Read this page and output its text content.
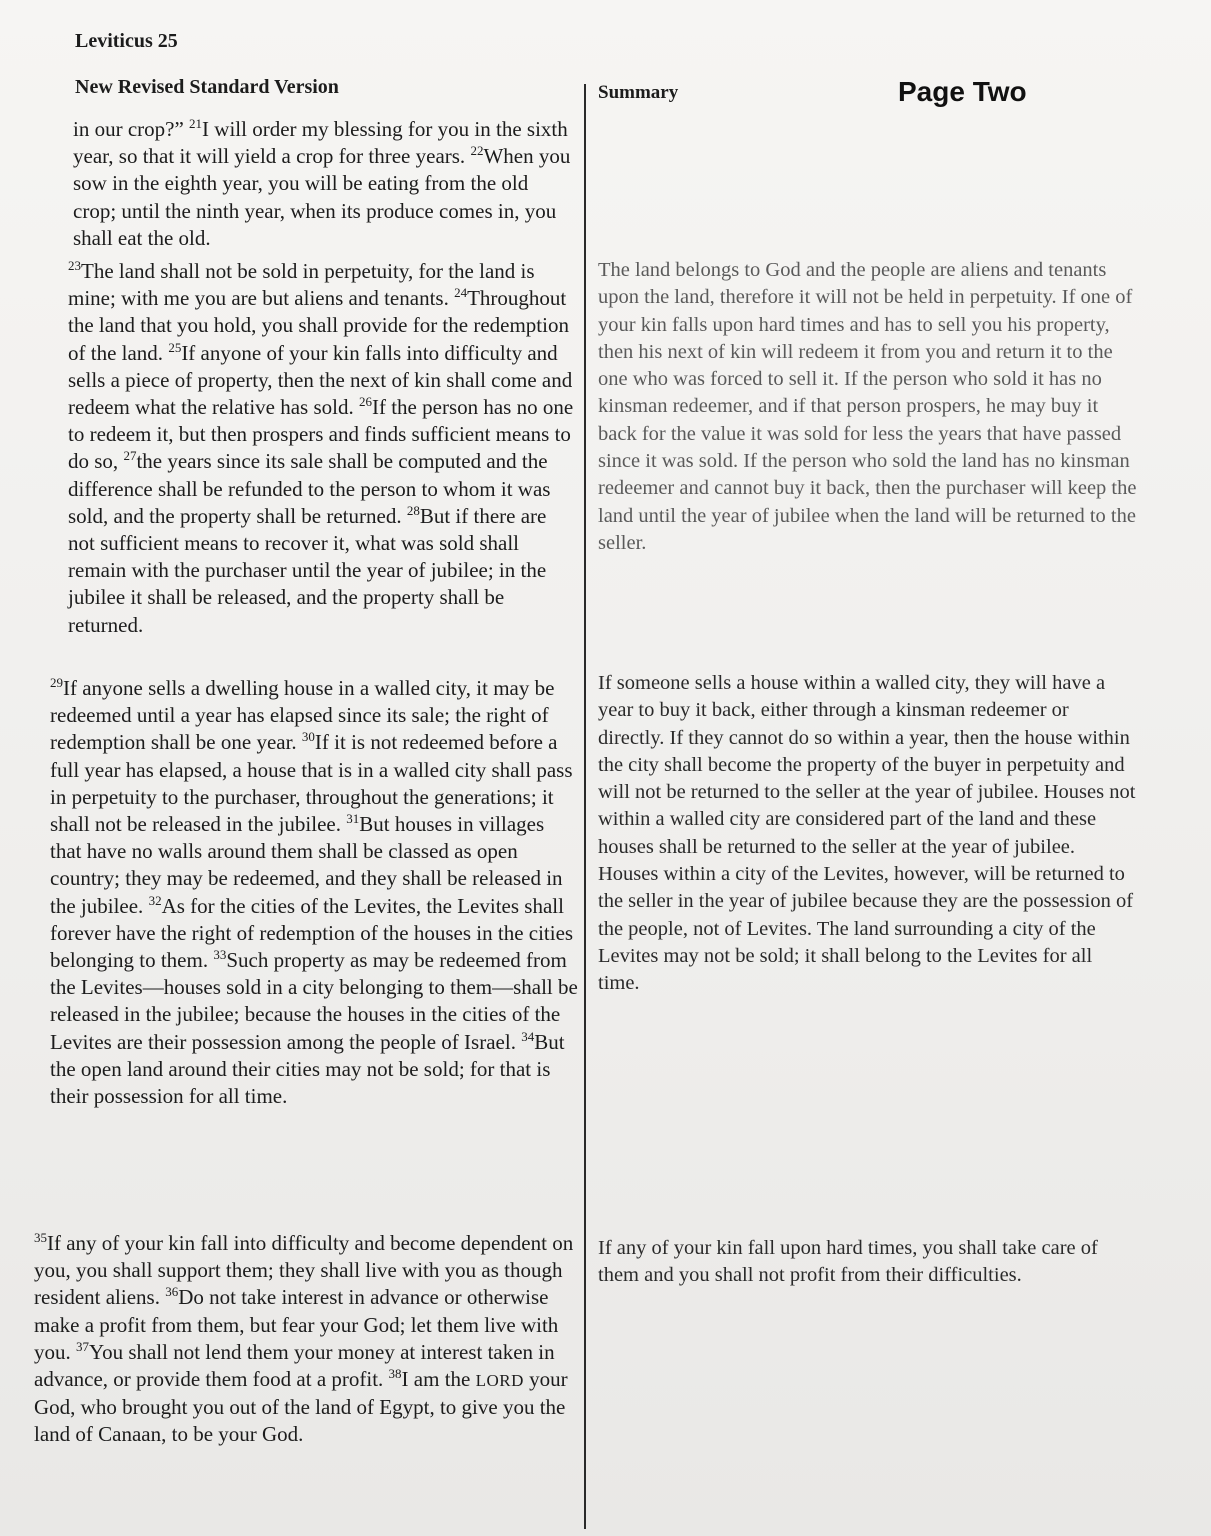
Leviticus 25
New Revised Standard Version	Summary	Page Two

in our crop?” $^{21}$I will order my blessing for you in the sixth year, so that it will yield a crop for three years. $^{22}$When you sow in the eighth year, you will be eating from the old crop; until the ninth year, when its produce comes in, you shall eat the old.

$^{23}$The land shall not be sold in perpetuity, for the land is mine; with me you are but aliens and tenants. $^{24}$Throughout the land that you hold, you shall provide for the redemption of the land. $^{25}$If anyone of your kin falls into difficulty and sells a piece of property, then the next of kin shall come and redeem what the relative has sold. $^{26}$If the person has no one to redeem it, but then prospers and finds sufficient means to do so, $^{27}$the years since its sale shall be computed and the difference shall be refunded to the person to whom it was sold, and the property shall be returned. $^{28}$But if there are not sufficient means to recover it, what was sold shall remain with the purchaser until the year of jubilee; in the jubilee it shall be released, and the property shall be returned.

$^{29}$If anyone sells a dwelling house in a walled city, it may be redeemed until a year has elapsed since its sale; the right of redemption shall be one year. $^{30}$If it is not redeemed before a full year has elapsed, a house that is in a walled city shall pass in perpetuity to the purchaser, throughout the generations; it shall not be released in the jubilee. $^{31}$But houses in villages that have no walls around them shall be classed as open country; they may be redeemed, and they shall be released in the jubilee. $^{32}$As for the cities of the Levites, the Levites shall forever have the right of redemption of the houses in the cities belonging to them. $^{33}$Such property as may be redeemed from the Levites—houses sold in a city belonging to them—shall be released in the jubilee; because the houses in the cities of the Levites are their possession among the people of Israel. $^{34}$But the open land around their cities may not be sold; for that is their possession for all time.

$^{35}$If any of your kin fall into difficulty and become dependent on you, you shall support them; they shall live with you as though resident aliens. $^{36}$Do not take interest in advance or otherwise make a profit from them, but fear your God; let them live with you. $^{37}$You shall not lend them your money at interest taken in advance, or provide them food at a profit. $^{38}$I am the LORD your God, who brought you out of the land of Egypt, to give you the land of Canaan, to be your God.

The land belongs to God and the people are aliens and tenants upon the land, therefore it will not be held in perpetuity. If one of your kin falls upon hard times and has to sell you his property, then his next of kin will redeem it from you and return it to the one who was forced to sell it. If the person who sold it has no kinsman redeemer, and if that person prospers, he may buy it back for the value it was sold for less the years that have passed since it was sold. If the person who sold the land has no kinsman redeemer and cannot buy it back, then the purchaser will keep the land until the year of jubilee when the land will be returned to the seller.

If someone sells a house within a walled city, they will have a year to buy it back, either through a kinsman redeemer or directly. If they cannot do so within a year, then the house within the city shall become the property of the buyer in perpetuity and will not be returned to the seller at the year of jubilee. Houses not within a walled city are considered part of the land and these houses shall be returned to the seller at the year of jubilee. Houses within a city of the Levites, however, will be returned to the seller in the year of jubilee because they are the possession of the people, not of Levites. The land surrounding a city of the Levites may not be sold; it shall belong to the Levites for all time.

If any of your kin fall upon hard times, you shall take care of them and you shall not profit from their difficulties.
